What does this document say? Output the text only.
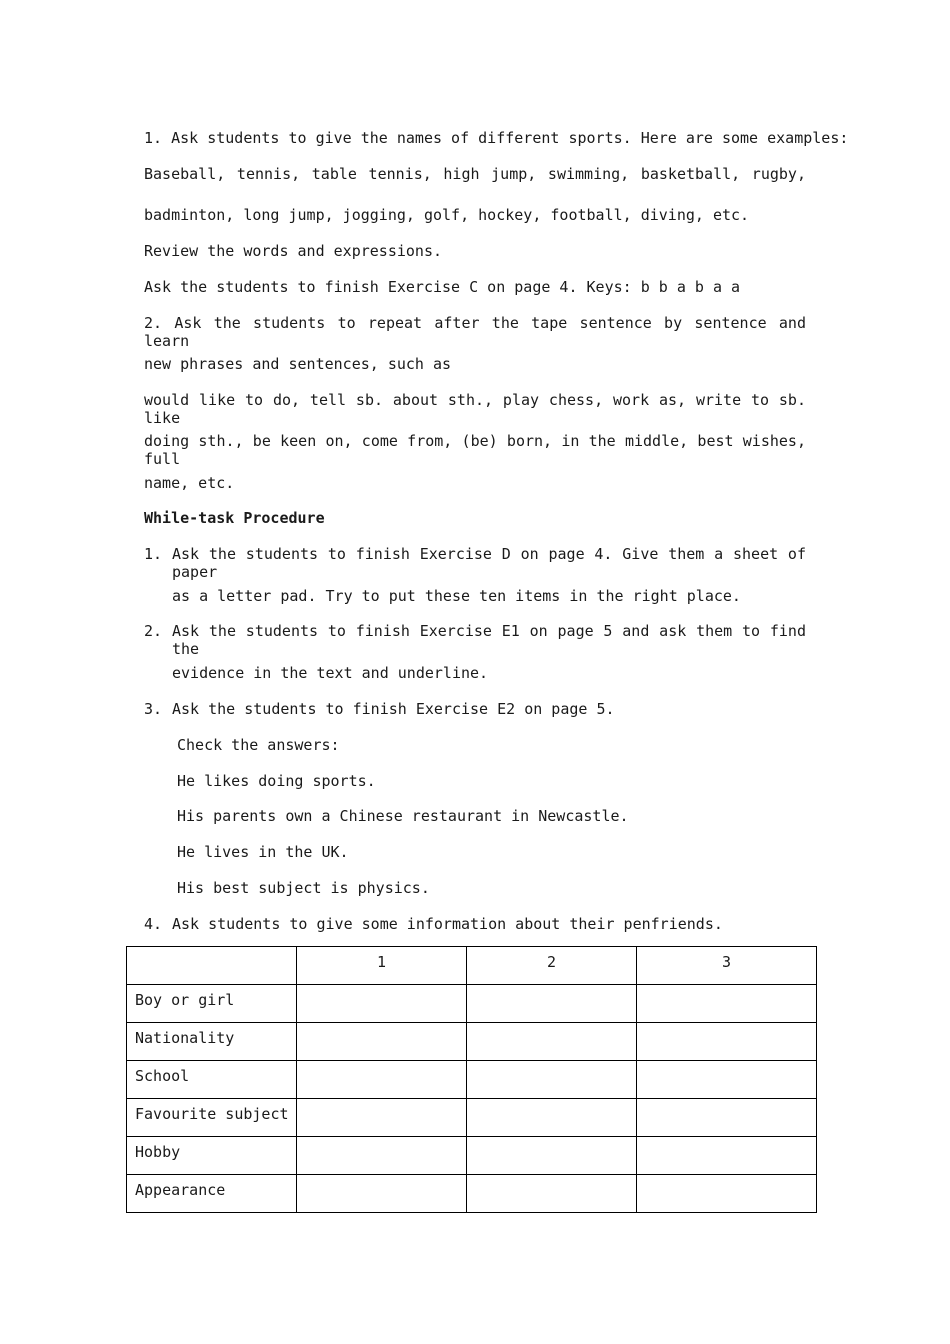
1. Ask students to give the names of different sports. Here are some examples:
Baseball, tennis, table tennis, high jump, swimming, basketball, rugby,
badminton, long jump, jogging, golf, hockey, football, diving, etc.
Review the words and expressions.
Ask the students to finish Exercise C on page 4. Keys: b b a b a a
2. Ask the students to repeat after the tape sentence by sentence and learn
new phrases and sentences, such as
would like to do, tell sb. about sth., play chess, work as, write to sb. like
doing sth., be keen on, come from, (be) born, in the middle, best wishes, full
name, etc.
While-task Procedure
1. Ask the students to finish Exercise D on page 4. Give them a sheet of paper
as a letter pad. Try to put these ten items in the right place.
2. Ask the students to finish Exercise E1 on page 5 and ask them to find the
evidence in the text and underline.
3. Ask the students to finish Exercise E2 on page 5.
Check the answers:
He likes doing sports.
His parents own a Chinese restaurant in Newcastle.
He lives in the UK.
His best subject is physics.
4. Ask students to give some information about their penfriends.

	1	2	3

Boy or girl			

Nationality			

School			

Favourite subject			

Hobby			

Appearance			
